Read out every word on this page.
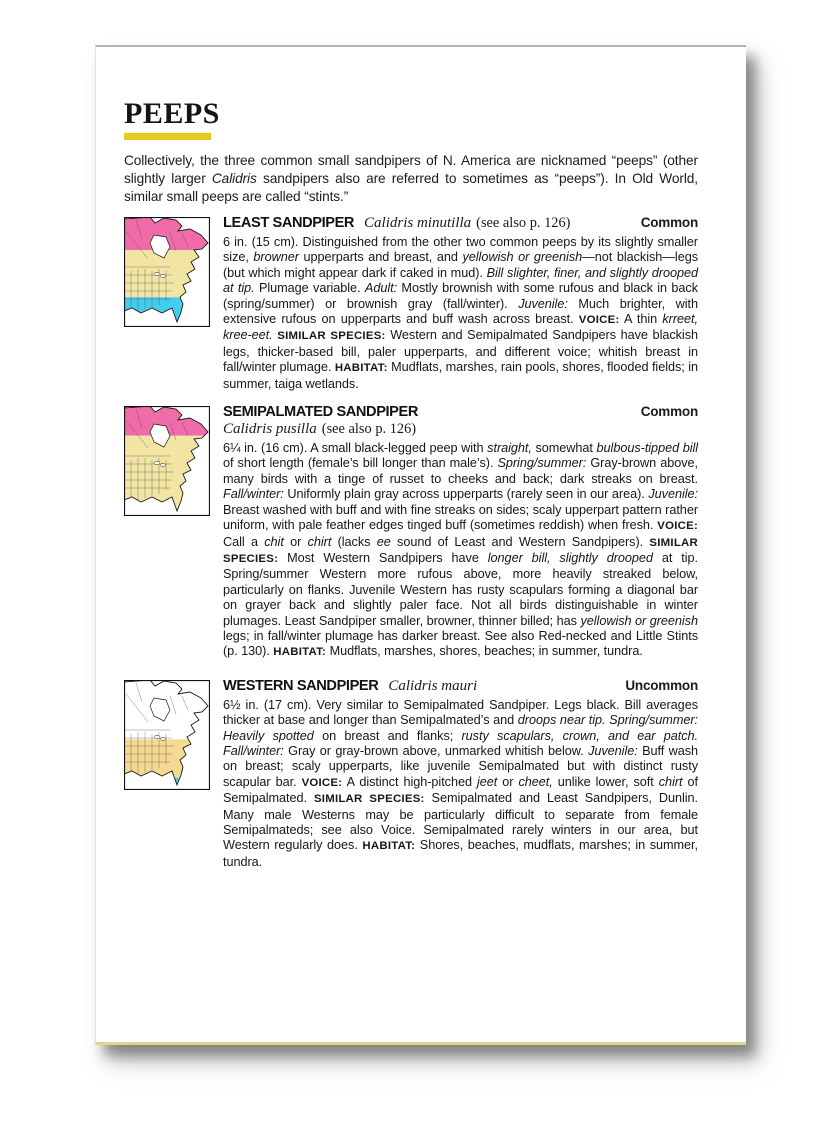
PEEPS

Collectively, the three common small sandpipers of N. America are nicknamed “peeps” (other slightly larger Calidris sandpipers also are referred to sometimes as “peeps”). In Old World, similar small peeps are called “stints.”

LEAST SANDPIPER Calidris minutilla (see also p. 126)	Common

6 in. (15 cm). Distinguished from the other two common peeps by its slightly smaller size, browner upperparts and breast, and yellowish or greenish—not blackish—legs (but which might appear dark if caked in mud). Bill slighter, finer, and slightly drooped at tip. Plumage variable. Adult: Mostly brownish with some rufous and black in back (spring/summer) or brownish gray (fall/winter). Juvenile: Much brighter, with extensive rufous on upperparts and buff wash across breast. VOICE: A thin krreet, kree-eet. SIMILAR SPECIES: Western and Semipalmated Sandpipers have blackish legs, thicker-based bill, paler upperparts, and different voice; whitish breast in fall/winter plumage. HABITAT: Mudflats, marshes, rain pools, shores, flooded fields; in summer, taiga wetlands.

SEMIPALMATED SANDPIPER	Common
Calidris pusilla (see also p. 126)

6¼ in. (16 cm). A small black-legged peep with straight, somewhat bulbous-tipped bill of short length (female’s bill longer than male’s). Spring/summer: Gray-brown above, many birds with a tinge of russet to cheeks and back; dark streaks on breast. Fall/winter: Uniformly plain gray across upperparts (rarely seen in our area). Juvenile: Breast washed with buff and with fine streaks on sides; scaly upperpart pattern rather uniform, with pale feather edges tinged buff (sometimes reddish) when fresh. VOICE: Call a chit or chirt (lacks ee sound of Least and Western Sandpipers). SIMILAR SPECIES: Most Western Sandpipers have longer bill, slightly drooped at tip. Spring/summer Western more rufous above, more heavily streaked below, particularly on flanks. Juvenile Western has rusty scapulars forming a diagonal bar on grayer back and slightly paler face. Not all birds distinguishable in winter plumages. Least Sandpiper smaller, browner, thinner billed; has yellowish or greenish legs; in fall/winter plumage has darker breast. See also Red-necked and Little Stints (p. 130). HABITAT: Mudflats, marshes, shores, beaches; in summer, tundra.

WESTERN SANDPIPER Calidris mauri	Uncommon

6½ in. (17 cm). Very similar to Semipalmated Sandpiper. Legs black. Bill averages thicker at base and longer than Semipalmated’s and droops near tip. Spring/summer: Heavily spotted on breast and flanks; rusty scapulars, crown, and ear patch. Fall/winter: Gray or gray-brown above, unmarked whitish below. Juvenile: Buff wash on breast; scaly upperparts, like juvenile Semipalmated but with distinct rusty scapular bar. VOICE: A distinct high-pitched jeet or cheet, unlike lower, soft chirt of Semipalmated. SIMILAR SPECIES: Semipalmated and Least Sandpipers, Dunlin. Many male Westerns may be particularly difficult to separate from female Semipalmateds; see also Voice. Semipalmated rarely winters in our area, but Western regularly does. HABITAT: Shores, beaches, mudflats, marshes; in summer, tundra.
